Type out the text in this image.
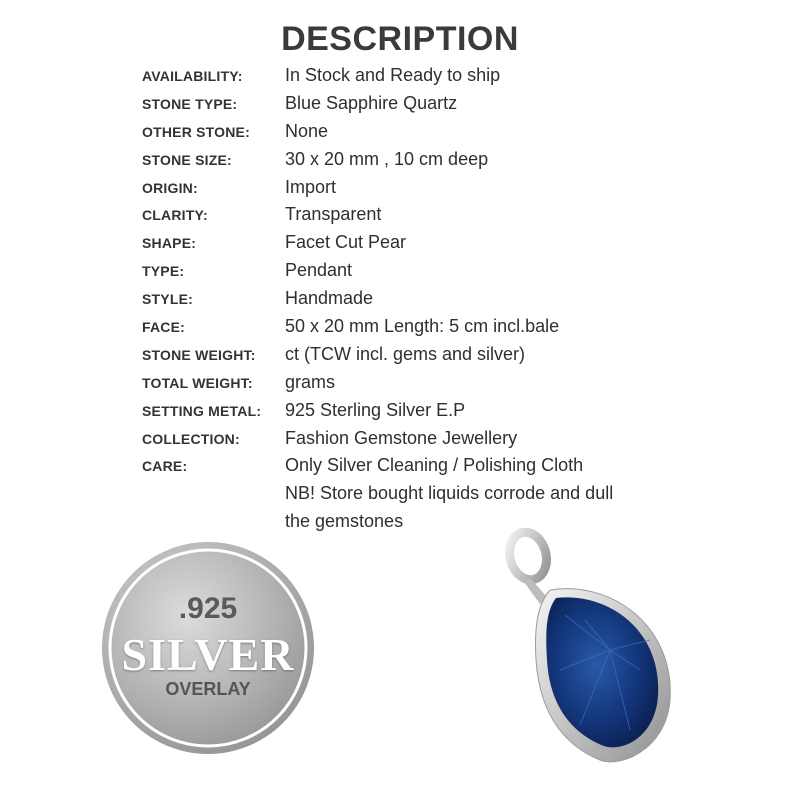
DESCRIPTION
AVAILABILITY: In Stock and Ready to ship
STONE TYPE:	Blue Sapphire Quartz
OTHER STONE: None
STONE SIZE:	30 x 20 mm , 10 cm deep
ORIGIN:	Import
CLARITY:	Transparent
SHAPE:	Facet Cut Pear
TYPE:	Pendant
STYLE:	Handmade
FACE:	50 x 20 mm Length: 5 cm incl.bale
STONE WEIGHT: ct (TCW incl. gems and silver)
TOTAL WEIGHT: grams
SETTING METAL: 925 Sterling Silver E.P
COLLECTION:	Fashion Gemstone Jewellery
CARE:	Only Silver Cleaning / Polishing Cloth
NB! Store bought liquids corrode and dull
the gemstones
.925
SILVER
OVERLAY
